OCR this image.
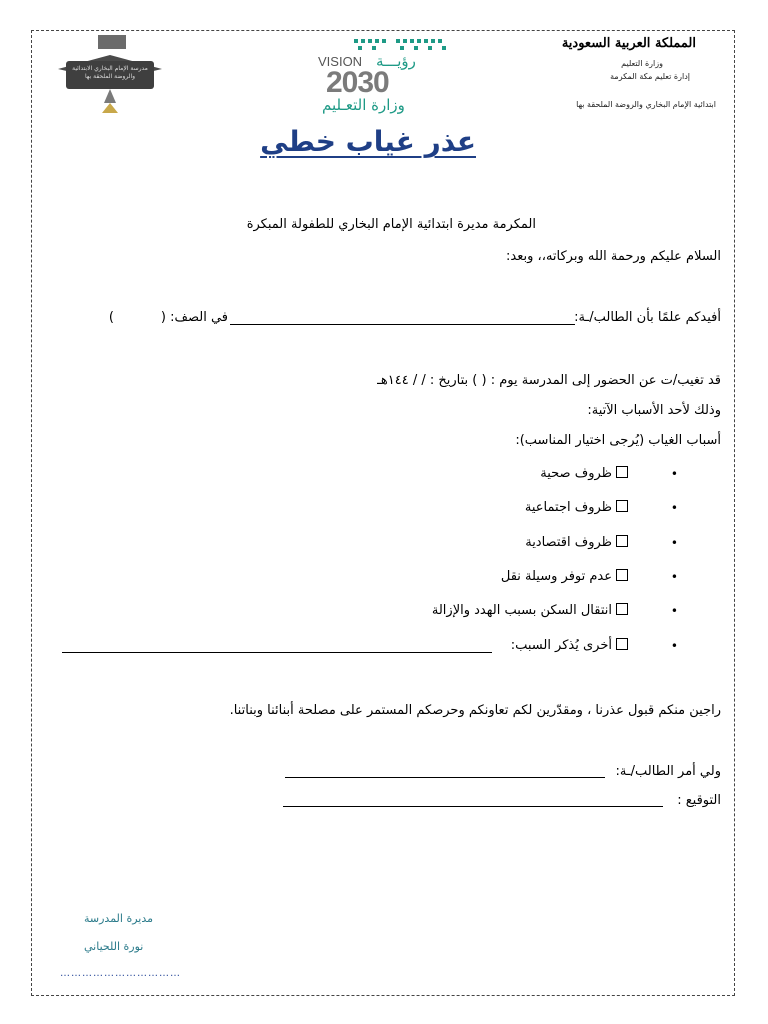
المملكة العربية السعودية
وزارة التعليم
إدارة تعليم مكة المكرمة
ابتدائية الإمام البخاري والروضة الملحقة بها
VISION رؤيـــة
2030
وزارة التعـليم
مدرسة الإمام البخاري الابتدائية والروضة الملحقة بها
عذر غياب خطي
المكرمة مديرة ابتدائية الإمام البخاري للطفولة المبكرة
السلام عليكم ورحمة الله وبركاته،، وبعد:
أفيدكم علمًا بأن الطالب/ـة:
في الصف: (
)
قد تغيب/ت عن الحضور إلى المدرسة يوم : ( ) بتاريخ : / / ١٤٤هـ
وذلك لأحد الأسباب الآتية:
أسباب الغياب (يُرجى اختيار المناسب):
ظروف صحية	•
ظروف اجتماعية	•
ظروف اقتصادية	•
عدم توفر وسيلة نقل	•
انتقال السكن بسبب الهدد والإزالة	•
أخرى يُذكر السبب:	•
راجين منكم قبول عذرنا ، ومقدّرين لكم تعاونكم وحرصكم المستمر على مصلحة أبنائنا وبناتنا.
ولي أمر الطالب/ـة:
التوقيع :
مديرة المدرسة
نورة اللحياني
……………………………
